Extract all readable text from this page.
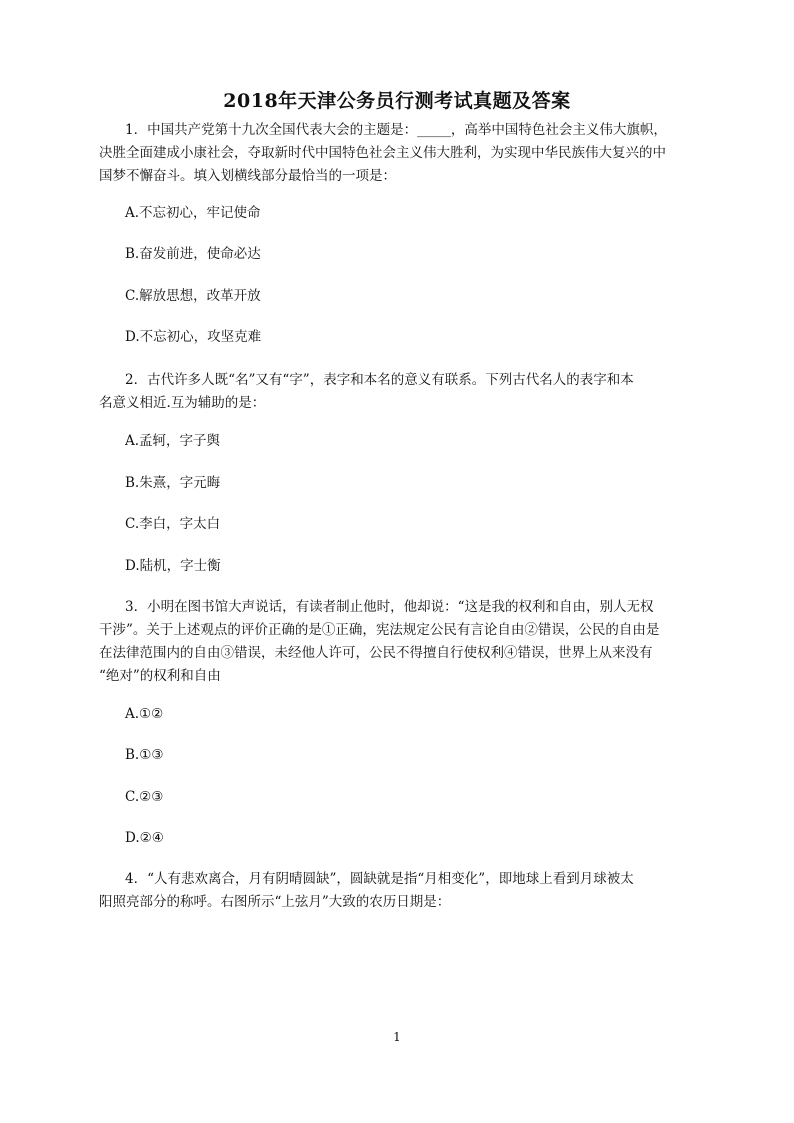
2018年天津公务员行测考试真题及答案
1．中国共产党第十九次全国代表大会的主题是：_____，高举中国特色社会主义伟大旗帜，
决胜全面建成小康社会，夺取新时代中国特色社会主义伟大胜利，为实现中华民族伟大复兴的中
国梦不懈奋斗。填入划横线部分最恰当的一项是：
A.不忘初心，牢记使命
B.奋发前进，使命必达
C.解放思想，改革开放
D.不忘初心，攻坚克难
2．古代许多人既“名”又有“字”，表字和本名的意义有联系。下列古代名人的表字和本
名意义相近.互为辅助的是：
A.孟轲，字子舆
B.朱熹，字元晦
C.李白，字太白
D.陆机，字士衡
3．小明在图书馆大声说话，有读者制止他时，他却说：“这是我的权利和自由，别人无权
干涉”。关于上述观点的评价正确的是①正确，宪法规定公民有言论自由②错误，公民的自由是
在法律范围内的自由③错误，未经他人许可，公民不得擅自行使权利④错误，世界上从来没有
“绝对”的权利和自由
A.①②
B.①③
C.②③
D.②④
4．“人有悲欢离合，月有阴晴圆缺”，圆缺就是指“月相变化”，即地球上看到月球被太
阳照亮部分的称呼。右图所示“上弦月”大致的农历日期是：
1
